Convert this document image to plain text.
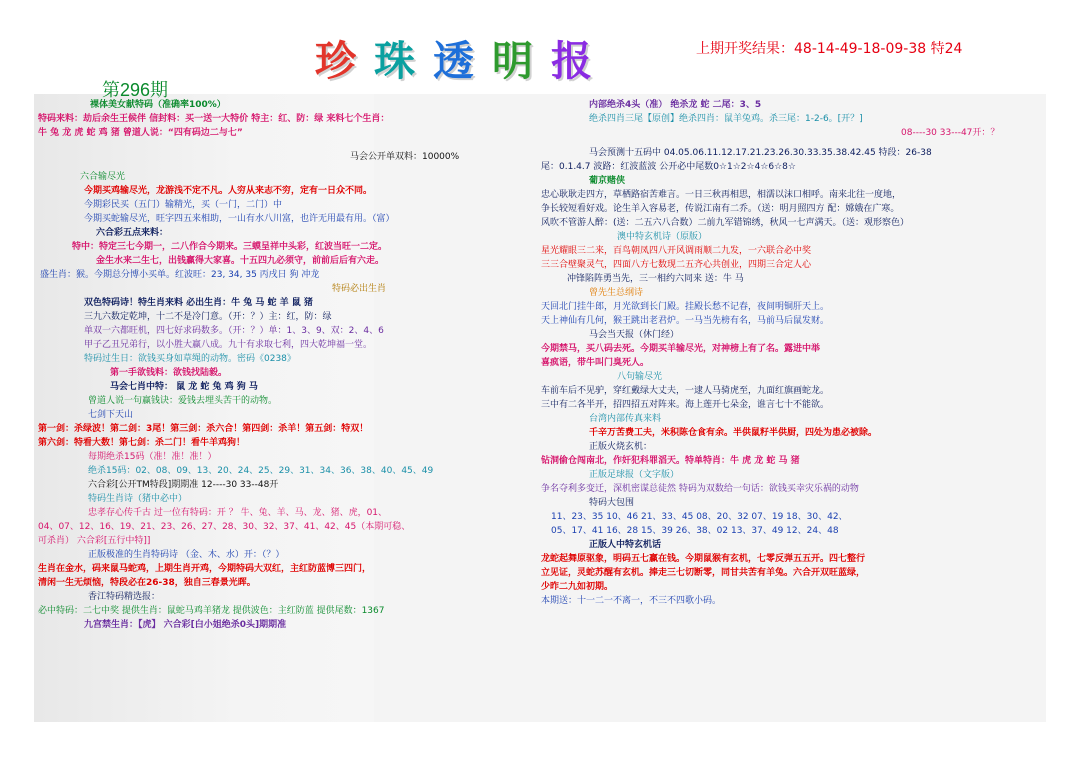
珍 珠 透 明 报	上期开奖结果：48-14-49-18-09-38 特24
第296期
裸体美女献特码（准确率100%）
特码来料：劫后余生王候伴 信封料：买一送一大特价 特主：红、防：绿 来料七个生肖：
牛 兔 龙 虎 蛇 鸡 猪 曾道人说：“四有码边二与七”
马会公开单双料：10000%
六合输尽光
今期买鸡输尽光，龙游浅不定不凡。人穷从来志不穷，定有一日众不同。
今期彩民买（五门）输精光，买（一门，二门）中
今期买蛇输尽光，旺字四五来相助，一山有水八川富，也许无用最有用。（富）
六合彩五点来料：
特中：特定三七今期一，二八作合今期来。三蟆呈祥中头彩，红波当旺一二定。
金生水来二生七，出钱赢得大家喜。十五四九必须守，前前后后有六走。
盛生肖：猴。今期总分博小买单。红波旺：23, 34, 35 丙戌日 狗 冲龙
特码必出生肖
双色特码诗！特生肖来料 必出生肖：牛 兔 马 蛇 羊 鼠 猪
三九六数定乾坤，十二不是冷门意。（开：？）主：红，防：绿
单双一六都旺机，四七好求码数多。（开：？）单：1、3、9、双：2、4、6
甲子乙丑兄弟行，以小胜大赢八成。九十有求取七利，四大乾坤福一堂。
特码过生日：欲钱买身如草绳的动物。密码《0238》
第一手欲钱料：欲钱找陆毅。
马会七肖中特： 鼠 龙 蛇 兔 鸡 狗 马
曾道人说一句赢钱诀：爱钱去埋头苦干的动物。
七剑下天山
第一剑：杀绿波！第二剑：3尾！第三剑：杀六合！第四剑：杀羊！第五剑：特双！
第六剑：特看大数！第七剑：杀二门！看牛羊鸡狗！
每期绝杀15码（准！准！准！）
绝杀15码：02、08、09、13、20、24、25、29、31、34、36、38、40、45、49
六合彩[公开TM特段]期期准 12----30 33--48开
特码生肖诗（猪中必中）
忠孝存心传千古 过一位有特码：开 ？ 牛、兔、羊、马、龙、猪、虎，01、
04、07、12、16、19、21、23、26、27、28、30、32、37、41、42、45（本期可稳、
可杀肖） 六合彩[五行中特]]
正版极准的生肖特码诗 （金、木、水）开：（？）
生肖在金水，码来鼠马蛇鸡，上期生肖开鸡，今期特码大双红，主红防蓝博三四门，
清闲一生无烦恼，特段必在26-38，独自三春景光晖。
香江特码精选报：
必中特码：二七中奖 提供生肖：鼠蛇马鸡羊猪龙 提供波色：主红防蓝 提供尾数：1367
九宫禁生肖：【虎】 六合彩[白小姐绝杀0头]期期准
内部绝杀4头（准） 绝杀龙 蛇 二尾：3、5
绝杀四肖三尾【原创】绝杀四肖：鼠羊兔鸡。杀三尾：1-2-6。[开？]
08----30 33---47开：？
马会预测十五码中 04.05.06.11.12.17.21.23.26.30.33.35.38.42.45 特段：26-38
尾：0.1.4.7 波路：红波蓝波 公开必中尾数0☆1☆2☆4☆6☆8☆
葡京赌侠
忠心耿耿走四方，草栖路宿苦难言。一日三秋再相思，相濡以沫口相呼。南来北往一度地，
争长较短看好戏。论生羊入容易老，传说江南有二乔。（送：明月照四方 配：嫦娥在广寒。
风吹不管游人醉：(送：二五六八合数）二前九军错锦绣，秋风一七声满天。（送：观形察色）
澳中特玄机诗（原版）
星光耀眼三二来，百鸟朝凤四八开风调雨顺二九发，一六联合必中奖
三三合壁聚灵气，四面八方七数现二五齐心共创业，四期三合定人心
冲锋陷阵勇当先，三一相约六同来 送：牛 马
曾先生总纲诗
天回北门挂牛郎，月光欲到长门殿。挂殿长愁不记春，夜间明铜肝天上。
天上神仙有几何，猴王跳出老君炉。一马当先榜有名，马前马后鼠发财。
马会当天报（休门经）
今期禁马，买八码去死。今期买羊输尽光，对神榜上有了名。露进中举
喜疯语，带牛叫门臭死人。
八句输尽光
车前车后不见驴，穿红戴绿大丈夫，一逮人马骑虎至，九面红旗画蛇龙。
三中有二各半开，招四招五对阵来。海上莲开七朵金，谁言七十不能欲。
台湾内部传真来料
千辛万苦费工夫，米积陈仓食有余。半供鼠籽半供厨，四处为患必被除。
正版火烧玄机：
钻洞偷仓闯南北，作奸犯科罪滔天。特单特肖：牛 虎 龙 蛇 马 猪
正版足球报（文字版）
争名夺利多变迁，深机密谋总徒然 特码为双数给一句话：欲钱买幸灾乐祸的动物
特码大包围
11、23、35 10、46 21、33、45 08、20、32 07、19 18、30、42、
05、17、41 16、28 15、39 26、38、02 13、37、49 12、24、48
正版人中特玄机话
龙蛇起舞原驱象，明码五七赢在钱。今期鼠猴有玄机，七零反弹五五开。四七整行
立见证，灵蛇苏醒有玄机。捧走三七切断零，同甘共苦有羊兔。六合开双旺蓝绿，
少昨二九如初期。
本期送：十一二一不离一，不三不四歌小码。
